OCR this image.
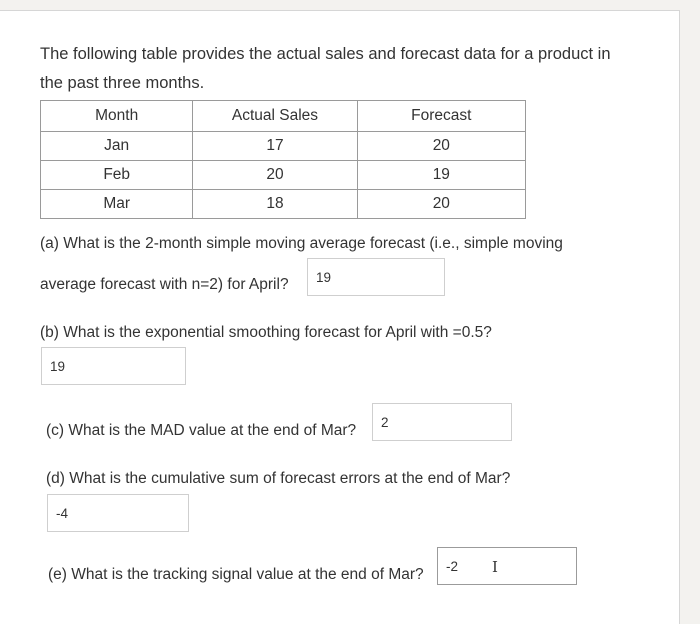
The following table provides the actual sales and forecast data for a product in the past three months.
Month	Actual Sales	Forecast
Jan	17	20
Feb	20	19
Mar	18	20
(a) What is the 2-month simple moving average forecast (i.e., simple moving
average forecast with n=2) for April?	19
(b) What is the exponential smoothing forecast for April with =0.5?
19
(c) What is the MAD value at the end of Mar?	2
(d) What is the cumulative sum of forecast errors at the end of Mar?
-4
(e) What is the tracking signal value at the end of Mar?	-2	I
